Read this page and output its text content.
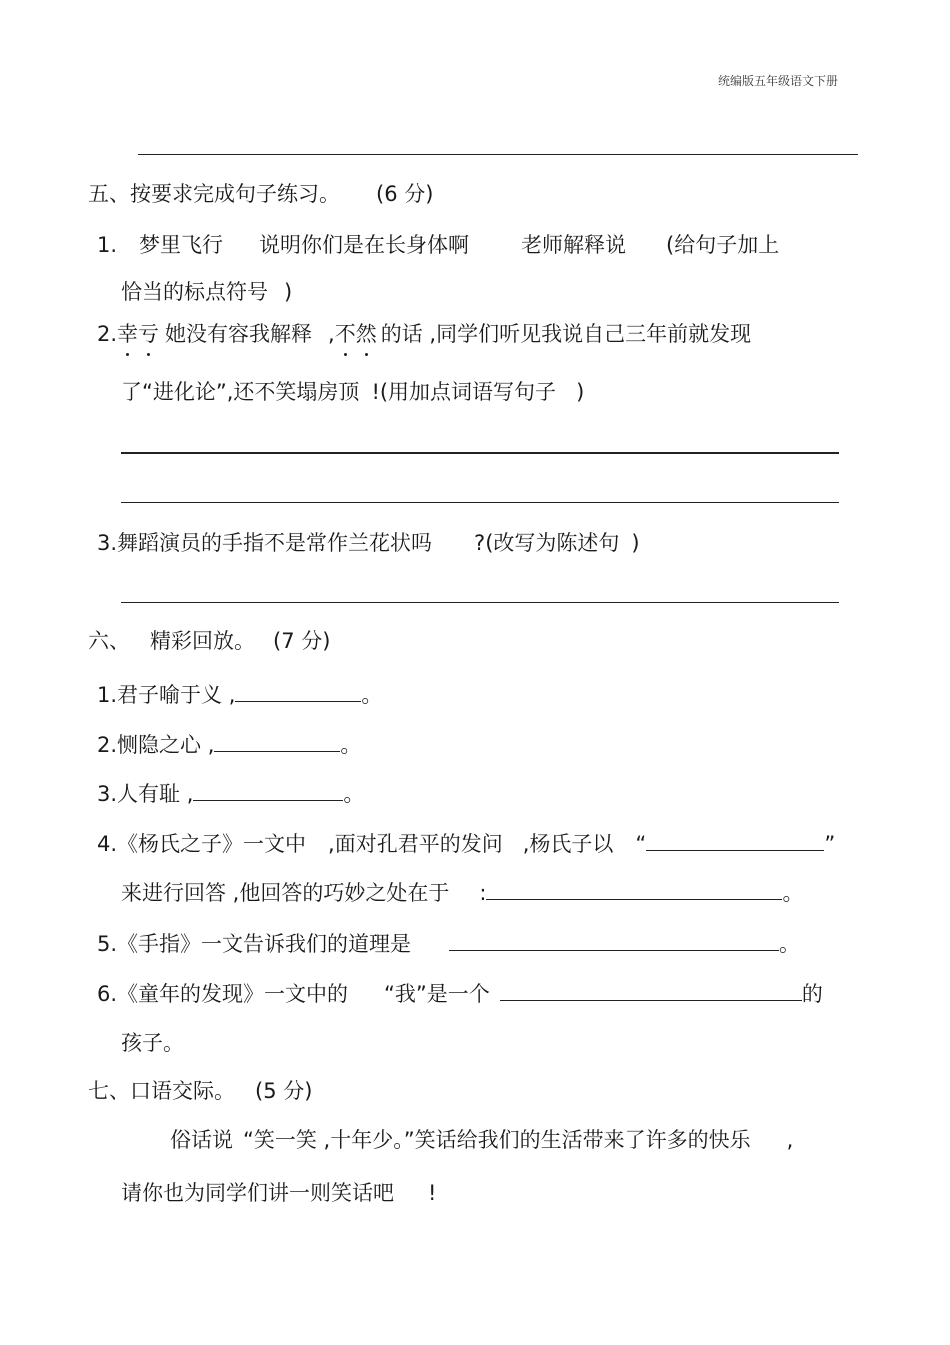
统编版五年级语文下册
五、按要求完成句子练习。 (6 分)
1. 梦里飞行 说明你们是在长身体啊 老师解释说 (给句子加上
恰当的标点符号 )
2.幸亏 她没有容我解释 ,不然 的话 ,同学们听见我说自己三年前就发现
了“进化论”,还不笑塌房顶 !(用加点词语写句子 )
3.舞蹈演员的手指不是常作兰花状吗 ?(改写为陈述句 )
六、 精彩回放。 (7 分)
1.君子喻于义 ,	。
2.恻隐之心 ,	。
3.人有耻 ,	。
4.《杨氏之子》一文中 ,面对孔君平的发问 ,杨氏子以 “	”
来进行回答 ,他回答的巧妙之处在于 :	。
5.《手指》一文告诉我们的道理是	。
6.《童年的发现》一文中的 “我”是一个	的
孩子。
七、口语交际。 (5 分)
俗话说 “笑一笑 ,十年少。”笑话给我们的生活带来了许多的快乐 ,
请你也为同学们讲一则笑话吧 !
